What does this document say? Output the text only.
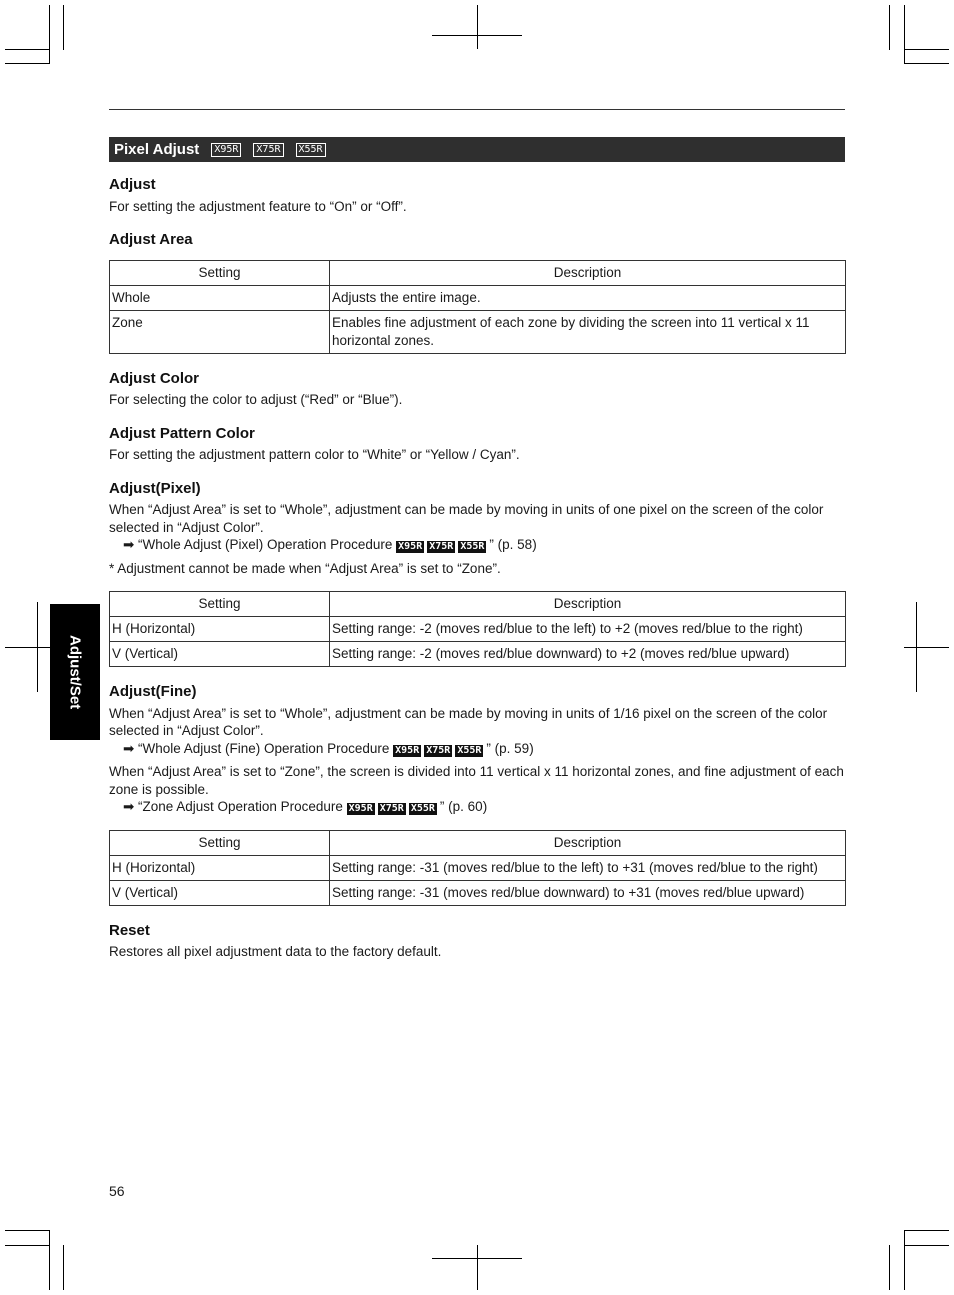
Pixel Adjust	X95R	X75R	X55R
Adjust

For setting the adjustment feature to “On” or “Off”.

Adjust Area
Setting	Description
Whole	Adjusts the entire image.
Zone	Enables fine adjustment of each zone by dividing the screen into 11 vertical x 11 horizontal zones.
Adjust Color

For selecting the color to adjust (“Red” or “Blue”).

Adjust Pattern Color

For setting the adjustment pattern color to “White” or “Yellow / Cyan”.

Adjust(Pixel)

When “Adjust Area” is set to “Whole”, adjustment can be made by moving in units of one pixel on the screen of the color selected in “Adjust Color”.

➡ “Whole Adjust (Pixel) Operation Procedure X95R X75R X55R ” (p. 58)

* Adjustment cannot be made when “Adjust Area” is set to “Zone”.

Setting	Description
H (Horizontal)	Setting range: -2 (moves red/blue to the left) to +2 (moves red/blue to the right)
V (Vertical)	Setting range: -2 (moves red/blue downward) to +2 (moves red/blue upward)
Adjust(Fine)

When “Adjust Area” is set to “Whole”, adjustment can be made by moving in units of 1/16 pixel on the screen of the color selected in “Adjust Color”.

➡ “Whole Adjust (Fine) Operation Procedure X95R X75R X55R ” (p. 59)

When “Adjust Area” is set to “Zone”, the screen is divided into 11 vertical x 11 horizontal zones, and fine adjustment of each zone is possible.

➡ “Zone Adjust Operation Procedure X95R X75R X55R ” (p. 60)

Setting	Description
H (Horizontal)	Setting range: -31 (moves red/blue to the left) to +31 (moves red/blue to the right)
V (Vertical)	Setting range: -31 (moves red/blue downward) to +31 (moves red/blue upward)
Reset

Restores all pixel adjustment data to the factory default.

Adjust/Set
56
